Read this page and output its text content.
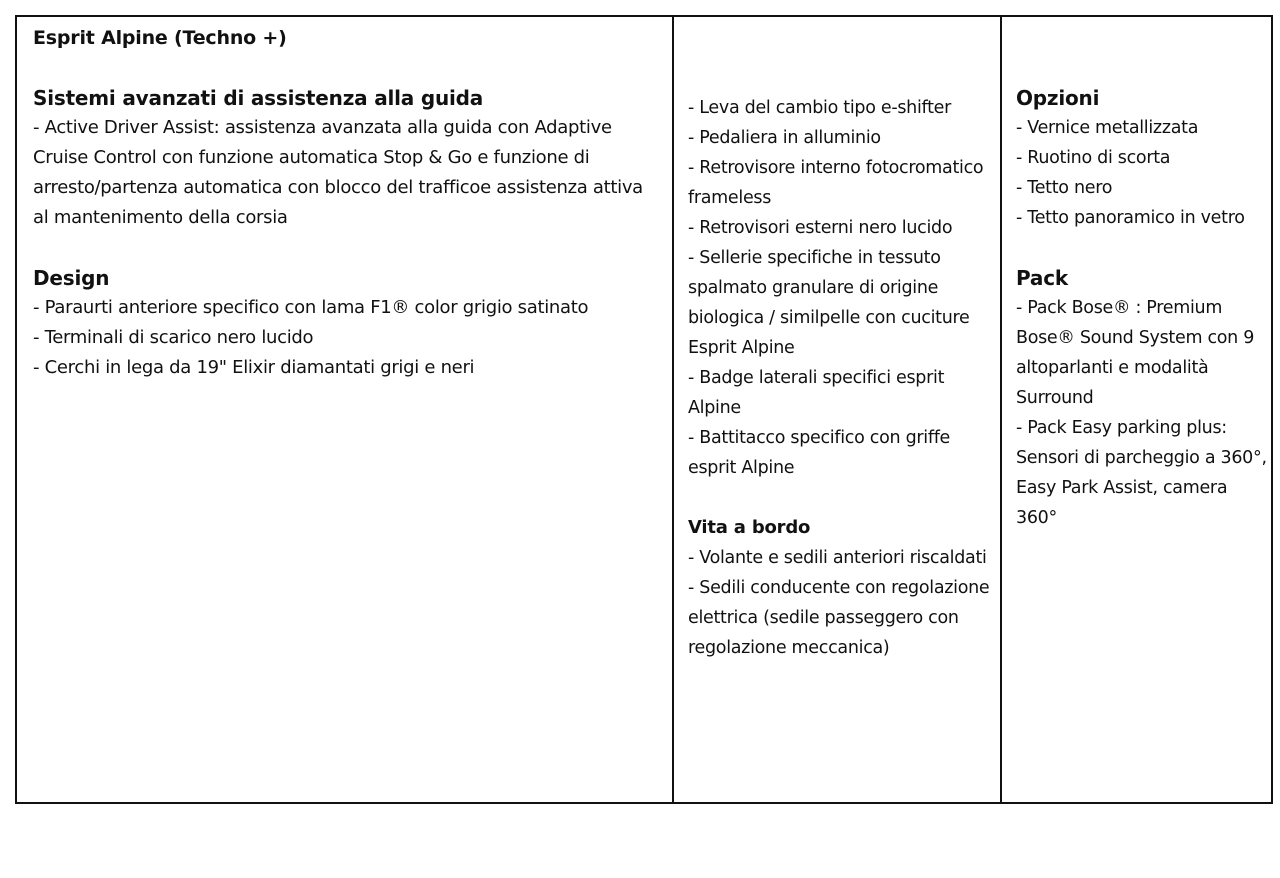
Esprit Alpine (Techno +)
Sistemi avanzati di assistenza alla guida
- Active Driver Assist: assistenza avanzata alla guida con Adaptive Cruise Control con funzione automatica Stop & Go e funzione di arresto/partenza automatica con blocco del trafficoe assistenza attiva al mantenimento della corsia
Design
- Paraurti anteriore specifico con lama F1® color grigio satinato
- Terminali di scarico nero lucido
- Cerchi in lega da 19" Elixir diamantati grigi e neri

- Leva del cambio tipo e-shifter
- Pedaliera in alluminio
- Retrovisore interno fotocromatico frameless
- Retrovisori esterni nero lucido
- Sellerie specifiche in tessuto spalmato granulare di origine biologica / similpelle con cuciture Esprit Alpine
- Badge laterali specifici esprit Alpine
- Battitacco specifico con griffe esprit Alpine
Vita a bordo
- Volante e sedili anteriori riscaldati
- Sedili conducente con regolazione elettrica (sedile passeggero con regolazione meccanica)

Opzioni
- Vernice metallizzata
- Ruotino di scorta
- Tetto nero
- Tetto panoramico in vetro
Pack
- Pack Bose® : Premium Bose® Sound System con 9 altoparlanti e modalità Surround
- Pack Easy parking plus: Sensori di parcheggio a 360°, Easy Park Assist, camera 360°
